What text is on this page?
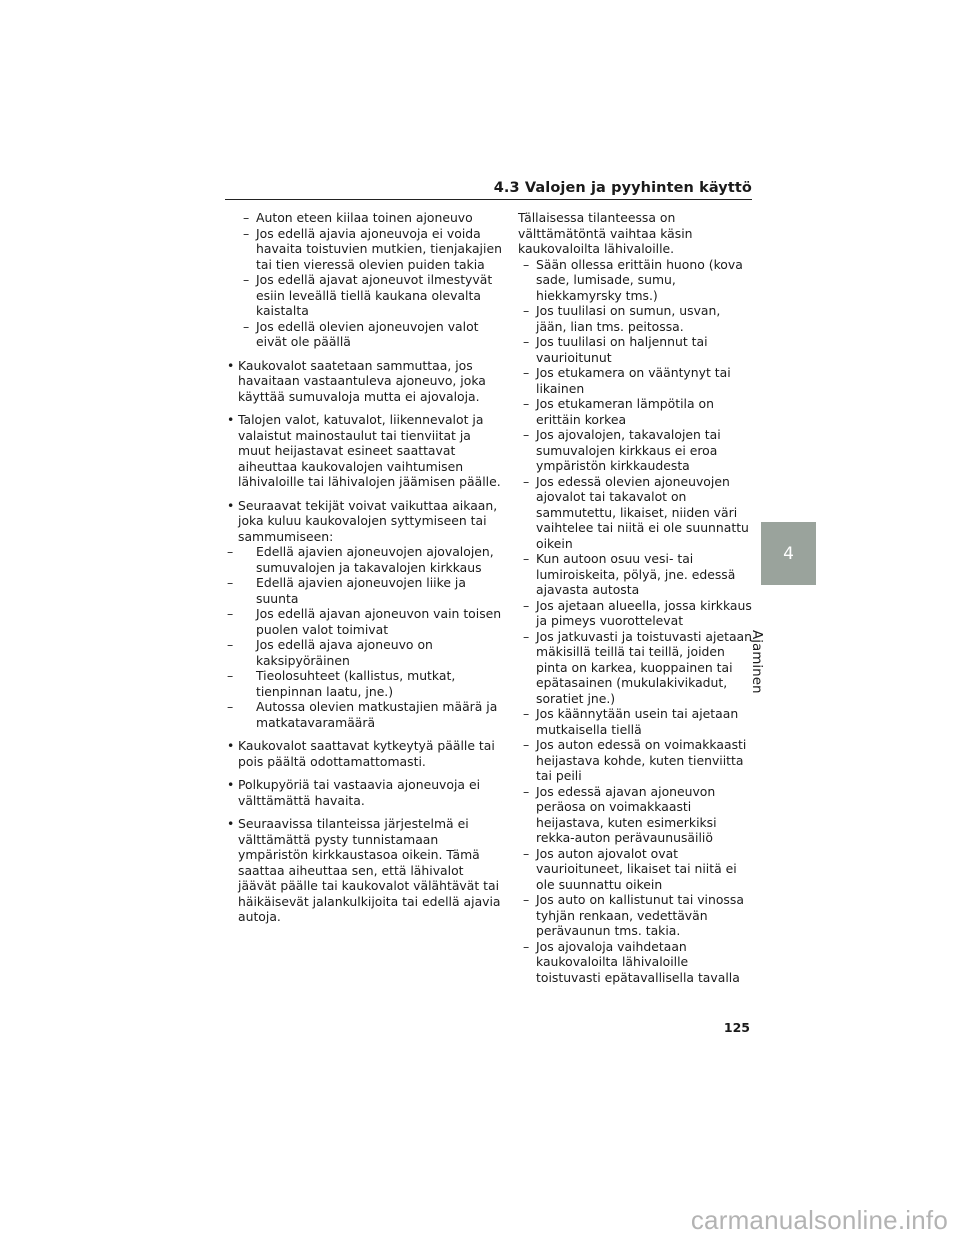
4.3 Valojen ja pyyhinten käyttö
– Auton eteen kiilaa toinen ajoneuvo
– Jos edellä ajavia ajoneuvoja ei voida havaita toistuvien mutkien, tienjakajien tai tien vieressä olevien puiden takia
– Jos edellä ajavat ajoneuvot ilmestyvät esiin leveällä tiellä kaukana olevalta kaistalta
– Jos edellä olevien ajoneuvojen valot eivät ole päällä
• Kaukovalot saatetaan sammuttaa, jos havaitaan vastaantuleva ajoneuvo, joka käyttää sumuvaloja mutta ei ajovaloja.
• Talojen valot, katuvalot, liikennevalot ja valaistut mainostaulut tai tienviitat ja muut heijastavat esineet saattavat aiheuttaa kaukovalojen vaihtumisen lähivaloille tai lähivalojen jäämisen päälle.
• Seuraavat tekijät voivat vaikuttaa aikaan, joka kuluu kaukovalojen syttymiseen tai sammumiseen:
– Edellä ajavien ajoneuvojen ajovalojen, sumuvalojen ja takavalojen kirkkaus
– Edellä ajavien ajoneuvojen liike ja suunta
– Jos edellä ajavan ajoneuvon vain toisen puolen valot toimivat
– Jos edellä ajava ajoneuvo on kaksipyöräinen
– Tieolosuhteet (kallistus, mutkat, tienpinnan laatu, jne.)
– Autossa olevien matkustajien määrä ja matkatavaramäärä
• Kaukovalot saattavat kytkeytyä päälle tai pois päältä odottamattomasti.
• Polkupyöriä tai vastaavia ajoneuvoja ei välttämättä havaita.
• Seuraavissa tilanteissa järjestelmä ei välttämättä pysty tunnistamaan ympäristön kirkkaustasoa oikein. Tämä saattaa aiheuttaa sen, että lähivalot jäävät päälle tai kaukovalot välähtävät tai häikäisevät jalankulkijoita tai edellä ajavia autoja.
Tällaisessa tilanteessa on välttämätöntä vaihtaa käsin kaukovaloilta lähivaloille.
– Sään ollessa erittäin huono (kova sade, lumisade, sumu, hiekkamyrsky tms.)
– Jos tuulilasi on sumun, usvan, jään, lian tms. peitossa.
– Jos tuulilasi on haljennut tai vaurioitunut
– Jos etukamera on vääntynyt tai likainen
– Jos etukameran lämpötila on erittäin korkea
– Jos ajovalojen, takavalojen tai sumuvalojen kirkkaus ei eroa ympäristön kirkkaudesta
– Jos edessä olevien ajoneuvojen ajovalot tai takavalot on sammutettu, likaiset, niiden väri vaihtelee tai niitä ei ole suunnattu oikein
– Kun autoon osuu vesi- tai lumiroiskeita, pölyä, jne. edessä ajavasta autosta
– Jos ajetaan alueella, jossa kirkkaus ja pimeys vuorottelevat
– Jos jatkuvasti ja toistuvasti ajetaan mäkisillä teillä tai teillä, joiden pinta on karkea, kuoppainen tai epätasainen (mukulakivikadut, soratiet jne.)
– Jos käännytään usein tai ajetaan mutkaisella tiellä
– Jos auton edessä on voimakkaasti heijastava kohde, kuten tienviitta tai peili
– Jos edessä ajavan ajoneuvon peräosa on voimakkaasti heijastava, kuten esimerkiksi rekka-auton perävaunusäiliö
– Jos auton ajovalot ovat vaurioituneet, likaiset tai niitä ei ole suunnattu oikein
– Jos auto on kallistunut tai vinossa tyhjän renkaan, vedettävän perävaunun tms. takia.
– Jos ajovaloja vaihdetaan kaukovaloilta lähivaloille toistuvasti epätavallisella tavalla
4
Ajaminen
125
carmanualsonline.info
